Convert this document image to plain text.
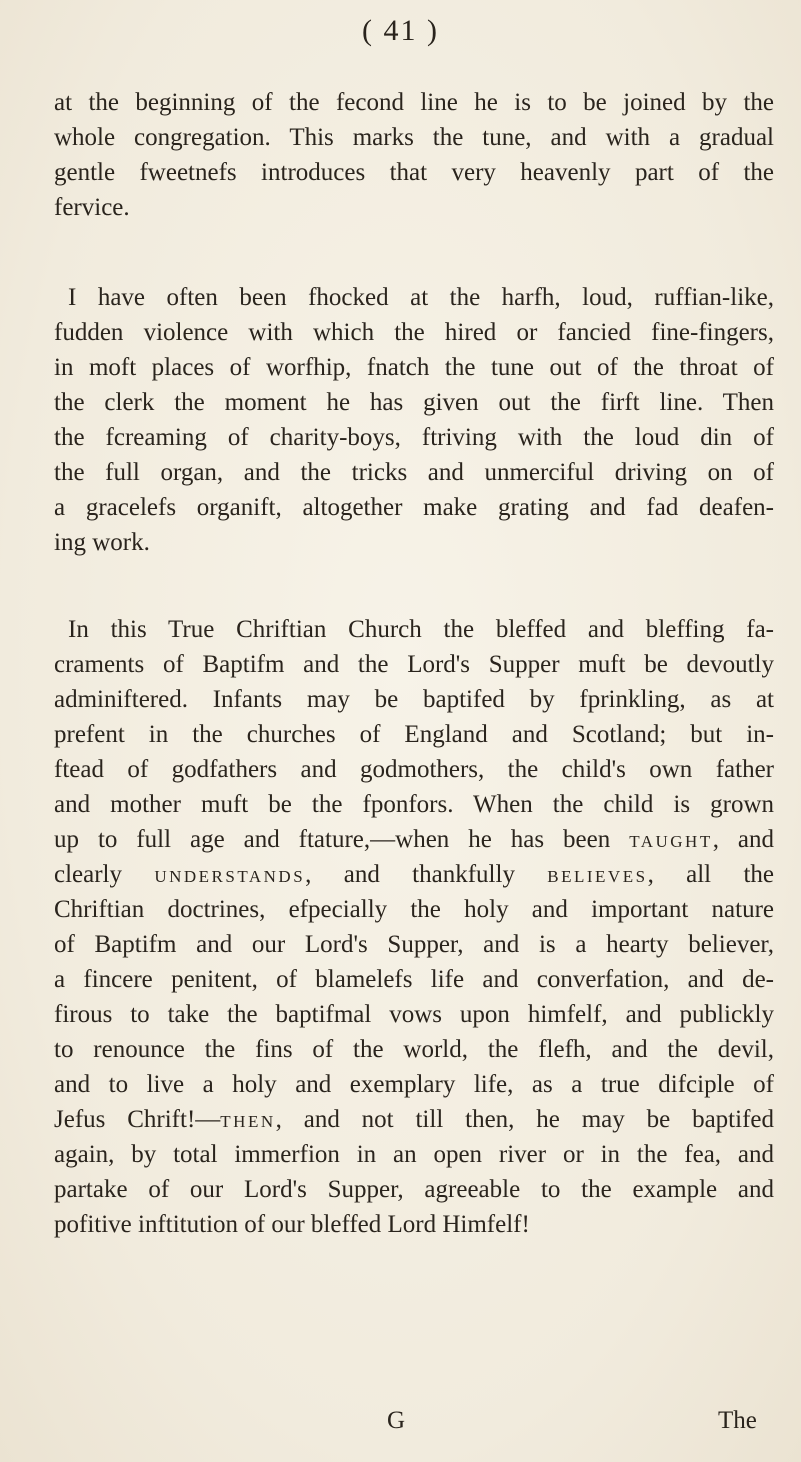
( 41 )
at the beginning of the fecond line he is to be joined by the
whole congregation. This marks the tune, and with a gradual
gentle fweetnefs introduces that very heavenly part of the
fervice.
I have often been fhocked at the harfh, loud, ruffian-like,
fudden violence with which the hired or fancied fine-fingers,
in moft places of worfhip, fnatch the tune out of the throat of
the clerk the moment he has given out the firft line. Then
the fcreaming of charity-boys, ftriving with the loud din of
the full organ, and the tricks and unmerciful driving on of
a gracelefs organift, altogether make grating and fad deafen-
ing work.
In this True Chriftian Church the bleffed and bleffing fa-
craments of Baptifm and the Lord's Supper muft be devoutly
adminiftered. Infants may be baptifed by fprinkling, as at
prefent in the churches of England and Scotland; but in-
ftead of godfathers and godmothers, the child's own father
and mother muft be the fponfors. When the child is grown
up to full age and ftature,—when he has been TAUGHT, and
clearly UNDERSTANDS, and thankfully BELIEVES, all the
Chriftian doctrines, efpecially the holy and important nature
of Baptifm and our Lord's Supper, and is a hearty believer,
a fincere penitent, of blamelefs life and converfation, and de-
firous to take the baptifmal vows upon himfelf, and publickly
to renounce the fins of the world, the flefh, and the devil,
and to live a holy and exemplary life, as a true difciple of
Jefus Chrift!—THEN, and not till then, he may be baptifed
again, by total immerfion in an open river or in the fea, and
partake of our Lord's Supper, agreeable to the example and
pofitive inftitution of our bleffed Lord Himfelf!
G	The
